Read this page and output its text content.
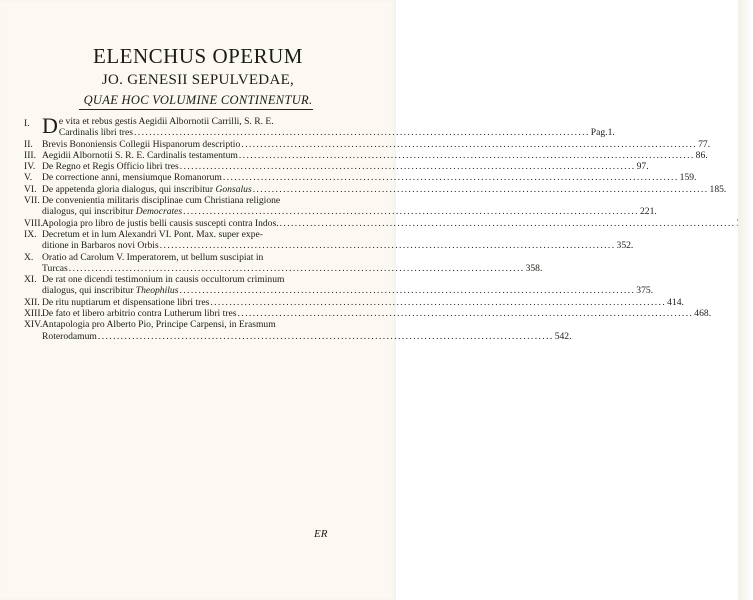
ELENCHUS OPERUM
JO. GENESII SEPULVEDAE,
QUAE HOC VOLUMINE CONTINENTUR.
I. D e vita et rebus gestis Aegidii Albornotii Carrilli, S. R. E.
Cardinalis libri tres ........................................................................................................................ Pag.1.
II. Brevis Bononiensis Collegii Hispanorum descriptio ........................................................................................................................ 77.
III. Aegidii Albornotii S. R. E. Cardinalis testamentum ........................................................................................................................ 86.
IV. De Regno et Regis Officio libri tres ........................................................................................................................ 97.
V.	De correctione anni, mensiumque Romanorum ........................................................................................................................ 159.
VI. De appetenda gloria dialogus, qui inscribitur Gonsalus ........................................................................................................................ 185.
VII. De convenientia militaris disciplinae cum Christiana religione
dialogus, qui inscribitur Democrates ........................................................................................................................ 221.
VIII. Apologia pro libro de justis belli causis suscepti contra Indos. ........................................................................................................................
IX. Decretum et in lum Alexandri VI. Pont. Max. super expe-
ditione in Barbaros novi Orbis ........................................................................................................................ 352.
X. Oratio ad Carolum V. Imperatorem, ut bellum suscipiat in
Turcas ........................................................................................................................ 358.
XI. De rat one dicendi testimonium in causis occultorum criminum
dialogus, qui inscribitur Theophilus ........................................................................................................................ 375.
XII. De ritu nuptiarum et dispensatione libri tres ........................................................................................................................ 414.
XIII. De fato et libero arbitrio contra Lutherum libri tres ........................................................................................................................ 468.
XIV. Antapologia pro Alberto Pio, Principe Carpensi, in Erasmum
Roterodamum ........................................................................................................................ 542.
ER
